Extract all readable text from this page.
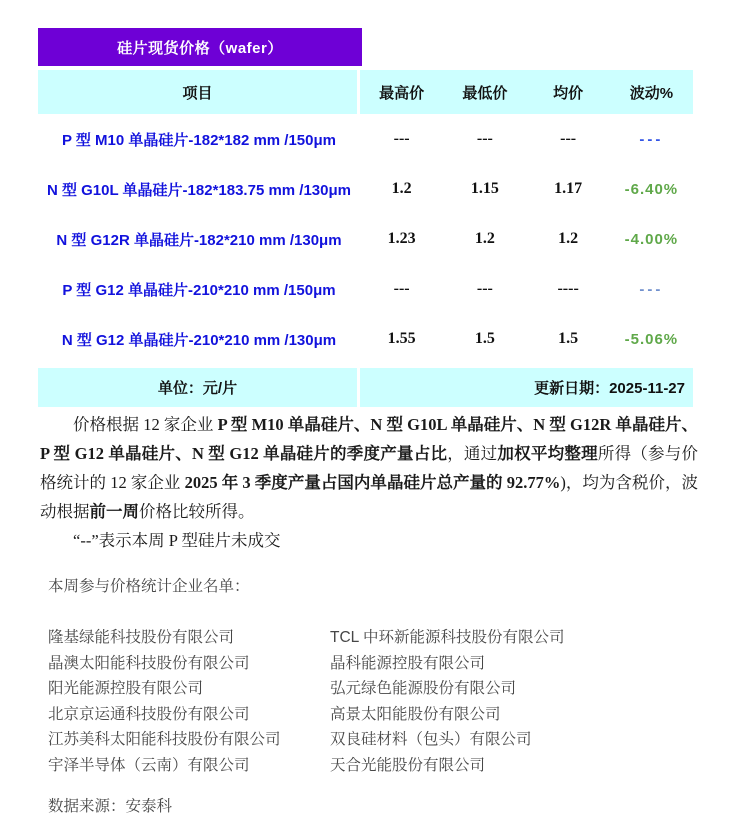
硅片现货价格（wafer）
项目	最高价	最低价	均价	波动%
P 型 M10 单晶硅片-182*182 mm /150μm	---	---	---	---
N 型 G10L 单晶硅片-182*183.75 mm /130μm	1.2	1.15	1.17	-6.40%
N 型 G12R 单晶硅片-182*210 mm /130μm	1.23	1.2	1.2	-4.00%
P 型 G12 单晶硅片-210*210 mm /150μm	---	---	----	---
N 型 G12 单晶硅片-210*210 mm /130μm	1.55	1.5	1.5	-5.06%
单位：元/片	更新日期：2025-11-27

价格根据 12 家企业 P 型 M10 单晶硅片、N 型 G10L 单晶硅片、N 型 G12R 单晶硅片、P 型 G12 单晶硅片、N 型 G12 单晶硅片的季度产量占比，通过加权平均整理所得（参与价格统计的 12 家企业 2025 年 3 季度产量占国内单晶硅片总产量的 92.77%)，均为含税价，波动根据前一周价格比较所得。

“--”表示本周 P 型硅片未成交

本周参与价格统计企业名单：

隆基绿能科技股份有限公司
晶澳太阳能科技股份有限公司
阳光能源控股有限公司
北京京运通科技股份有限公司
江苏美科太阳能科技股份有限公司
宇泽半导体（云南）有限公司
TCL 中环新能源科技股份有限公司
晶科能源控股有限公司
弘元绿色能源股份有限公司
高景太阳能股份有限公司
双良硅材料（包头）有限公司
天合光能股份有限公司

数据来源：安泰科
